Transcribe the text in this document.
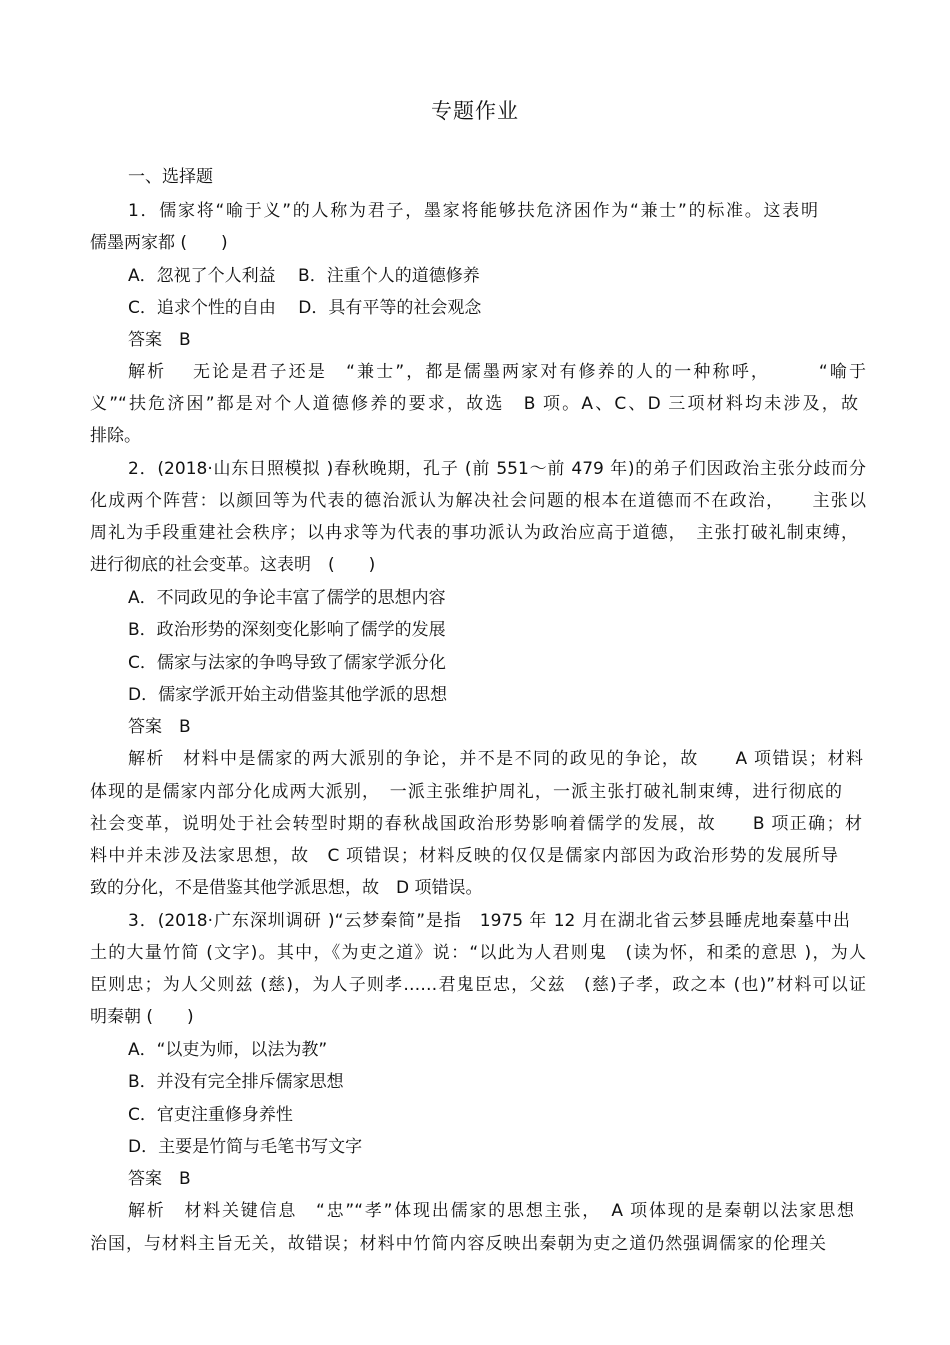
专题作业
一、选择题
1．儒家将“喻于义”的人称为君子，墨家将能够扶危济困作为“兼士”的标准。这表明
儒墨两家都 (　　)
A．忽视了个人利益　 B．注重个人的道德修养
C．追求个性的自由　 D．具有平等的社会观念
答案　B
解析　 无论是君子还是　“兼士”，都是儒墨两家对有修养的人的一种称呼，　　　“喻于
义”“扶危济困”都是对个人道德修养的要求，故选　B 项。A、C、D 三项材料均未涉及，故
排除。
2．(2018·山东日照模拟 )春秋晚期，孔子 (前 551～前 479 年)的弟子们因政治主张分歧而分
化成两个阵营：以颜回等为代表的德治派认为解决社会问题的根本在道德而不在政治，　　主张以
周礼为手段重建社会秩序；以冉求等为代表的事功派认为政治应高于道德，　主张打破礼制束缚，
进行彻底的社会变革。这表明　(　　)
A．不同政见的争论丰富了儒学的思想内容
B．政治形势的深刻变化影响了儒学的发展
C．儒家与法家的争鸣导致了儒家学派分化
D．儒家学派开始主动借鉴其他学派的思想
答案　B
解析　材料中是儒家的两大派别的争论，并不是不同的政见的争论，故　　A 项错误；材料
体现的是儒家内部分化成两大派别，　一派主张维护周礼，一派主张打破礼制束缚，进行彻底的
社会变革，说明处于社会转型时期的春秋战国政治形势影响着儒学的发展，故　　B 项正确；材
料中并未涉及法家思想，故　C 项错误；材料反映的仅仅是儒家内部因为政治形势的发展所导
致的分化，不是借鉴其他学派思想，故　D 项错误。
3．(2018·广东深圳调研 )“云梦秦简”是指　1975 年 12 月在湖北省云梦县睡虎地秦墓中出
土的大量竹简 (文字)。其中，《为吏之道》说：“以此为人君则鬼　(读为怀，和柔的意思 )，为人
臣则忠；为人父则兹 (慈)，为人子则孝……君鬼臣忠，父兹　(慈)子孝，政之本 (也)”材料可以证
明秦朝 (　　)
A．“以吏为师，以法为教”
B．并没有完全排斥儒家思想
C．官吏注重修身养性
D．主要是竹简与毛笔书写文字
答案　B
解析　材料关键信息　“忠”“孝”体现出儒家的思想主张，　A 项体现的是秦朝以法家思想
治国，与材料主旨无关，故错误；材料中竹简内容反映出秦朝为吏之道仍然强调儒家的伦理关
